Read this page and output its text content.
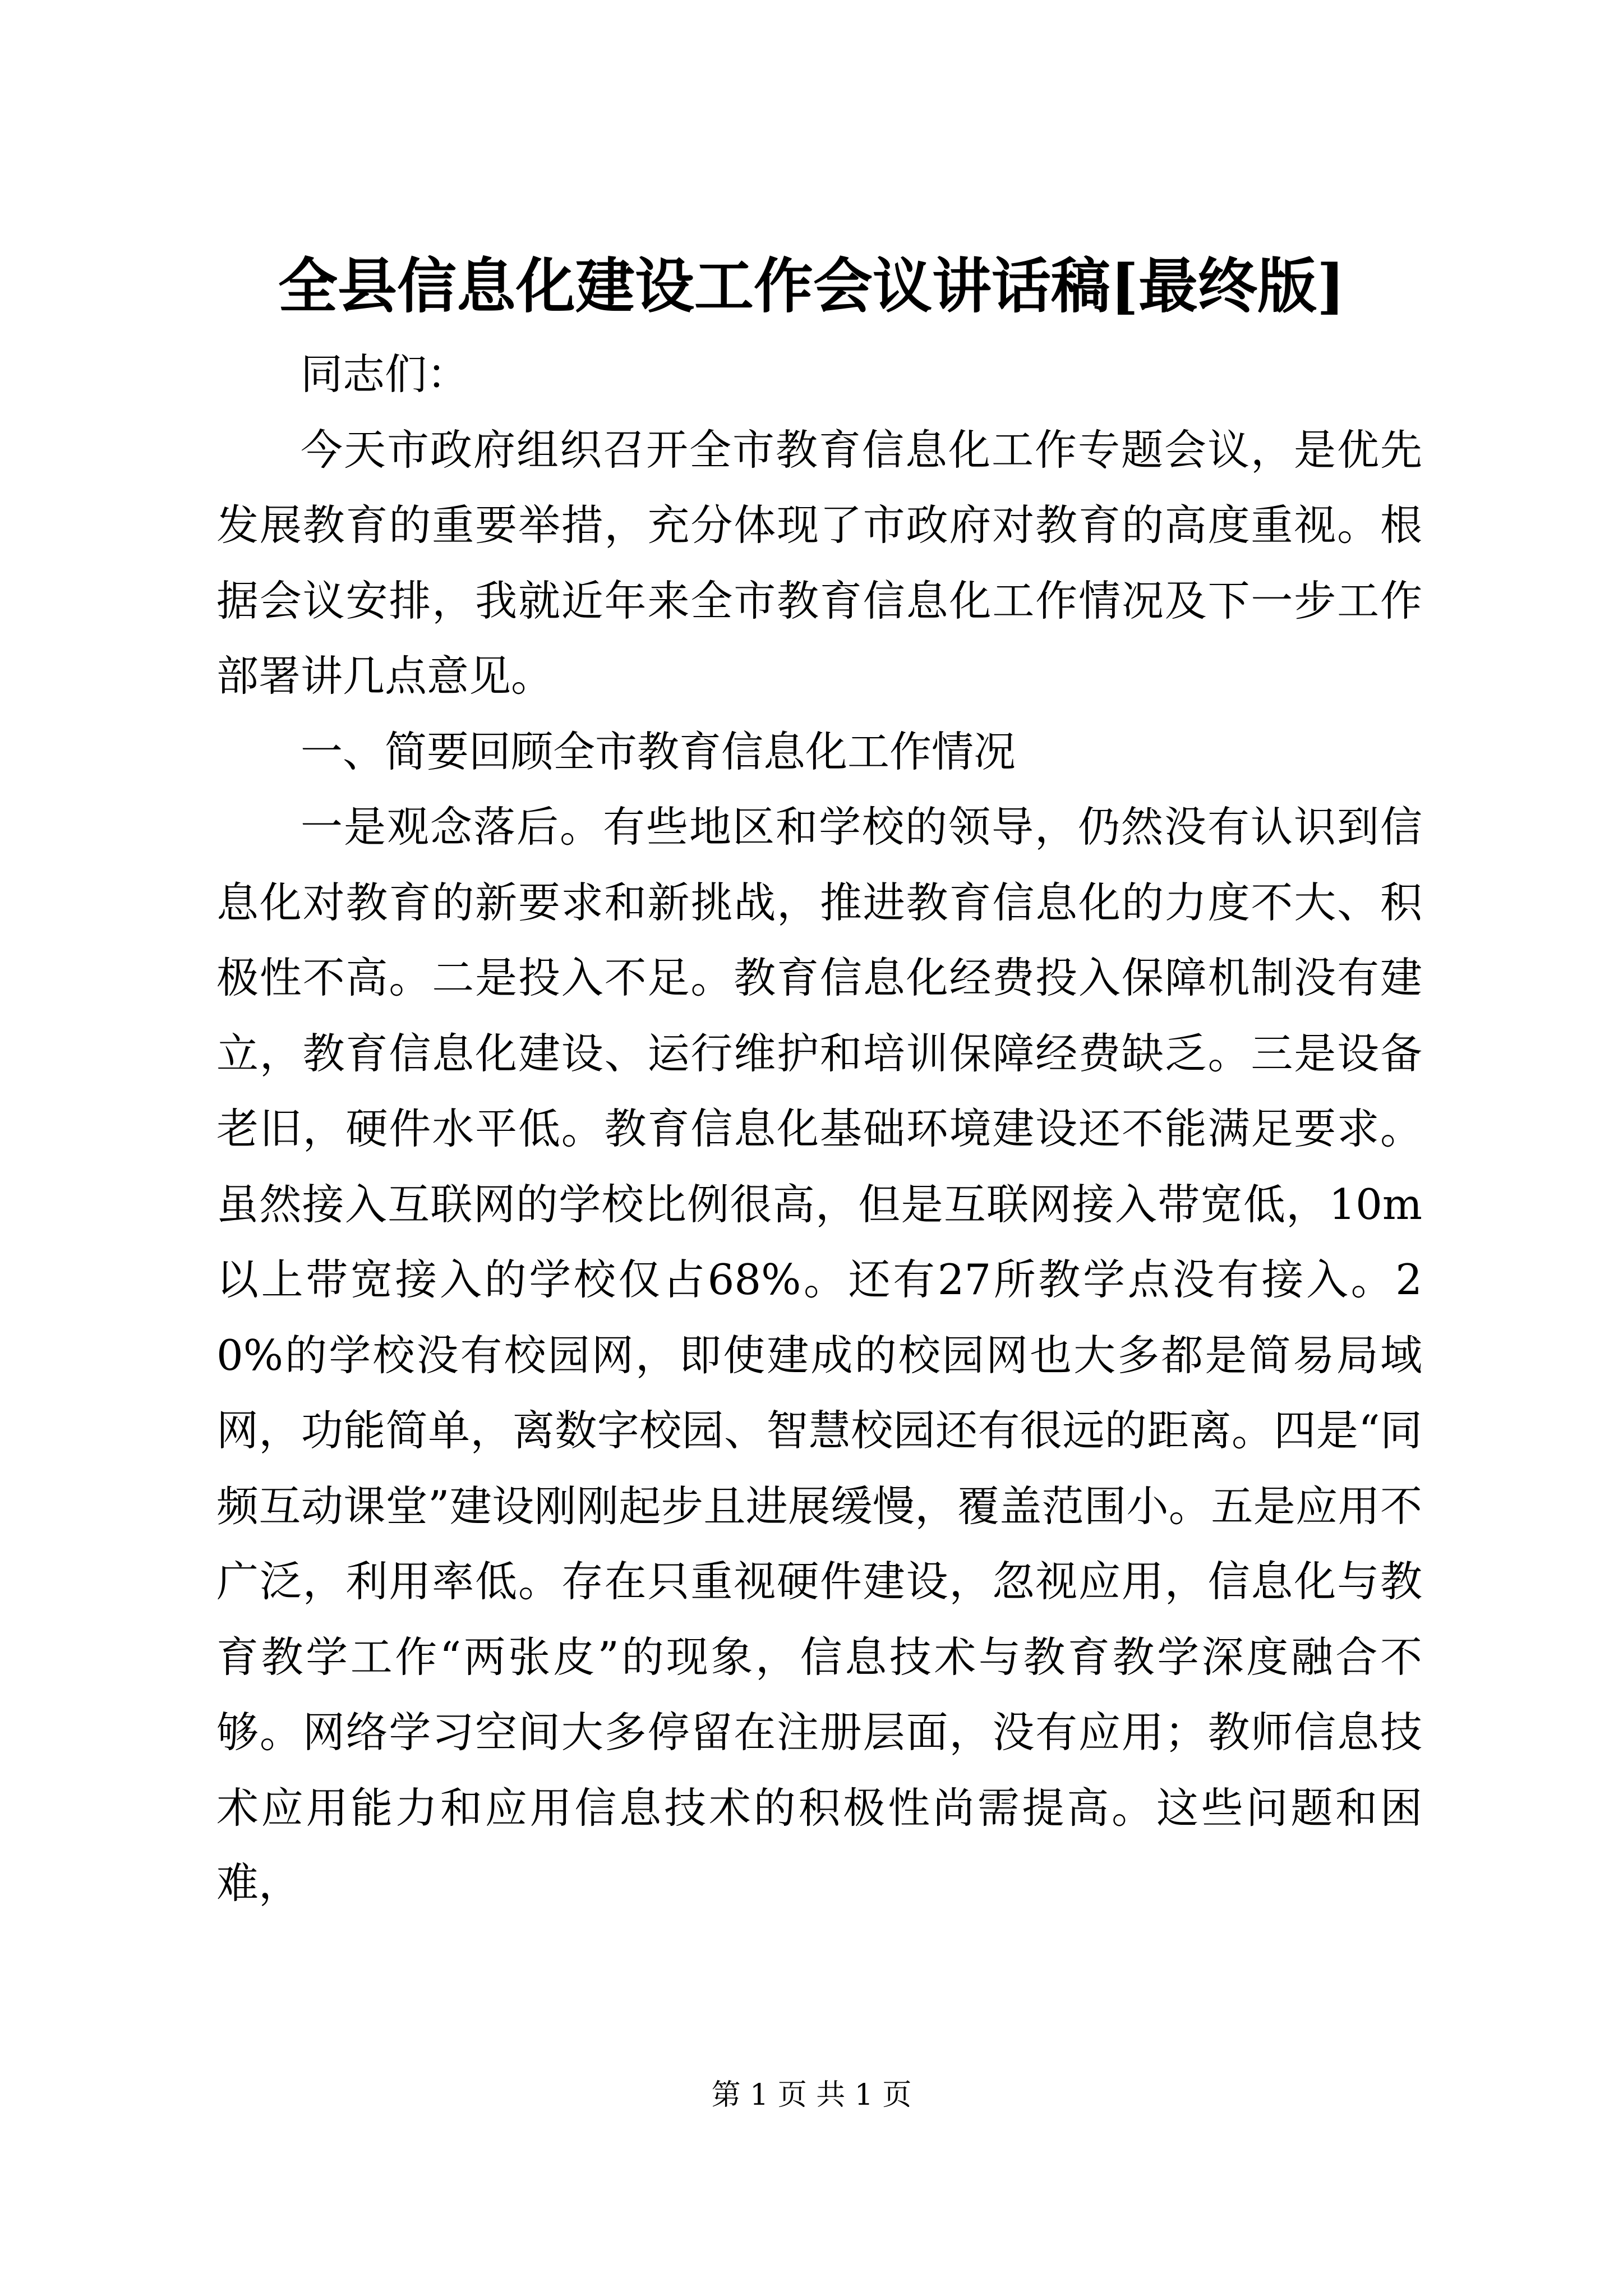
全县信息化建设工作会议讲话稿[最终版]

同志们：

今天市政府组织召开全市教育信息化工作专题会议，是优先发展教育的重要举措，充分体现了市政府对教育的高度重视。根据会议安排，我就近年来全市教育信息化工作情况及下一步工作部署讲几点意见。

一、简要回顾全市教育信息化工作情况

一是观念落后。有些地区和学校的领导，仍然没有认识到信息化对教育的新要求和新挑战，推进教育信息化的力度不大、积极性不高。二是投入不足。教育信息化经费投入保障机制没有建立，教育信息化建设、运行维护和培训保障经费缺乏。三是设备老旧，硬件水平低。教育信息化基础环境建设还不能满足要求。虽然接入互联网的学校比例很高，但是互联网接入带宽低，10m以上带宽接入的学校仅占68%。还有27所教学点没有接入。20%的学校没有校园网，即使建成的校园网也大多都是简易局域网，功能简单，离数字校园、智慧校园还有很远的距离。四是“同频互动课堂”建设刚刚起步且进展缓慢，覆盖范围小。五是应用不广泛，利用率低。存在只重视硬件建设，忽视应用，信息化与教育教学工作“两张皮”的现象，信息技术与教育教学深度融合不够。网络学习空间大多停留在注册层面，没有应用；教师信息技术应用能力和应用信息技术的积极性尚需提高。这些问题和困难，

第 1 页 共 1 页
